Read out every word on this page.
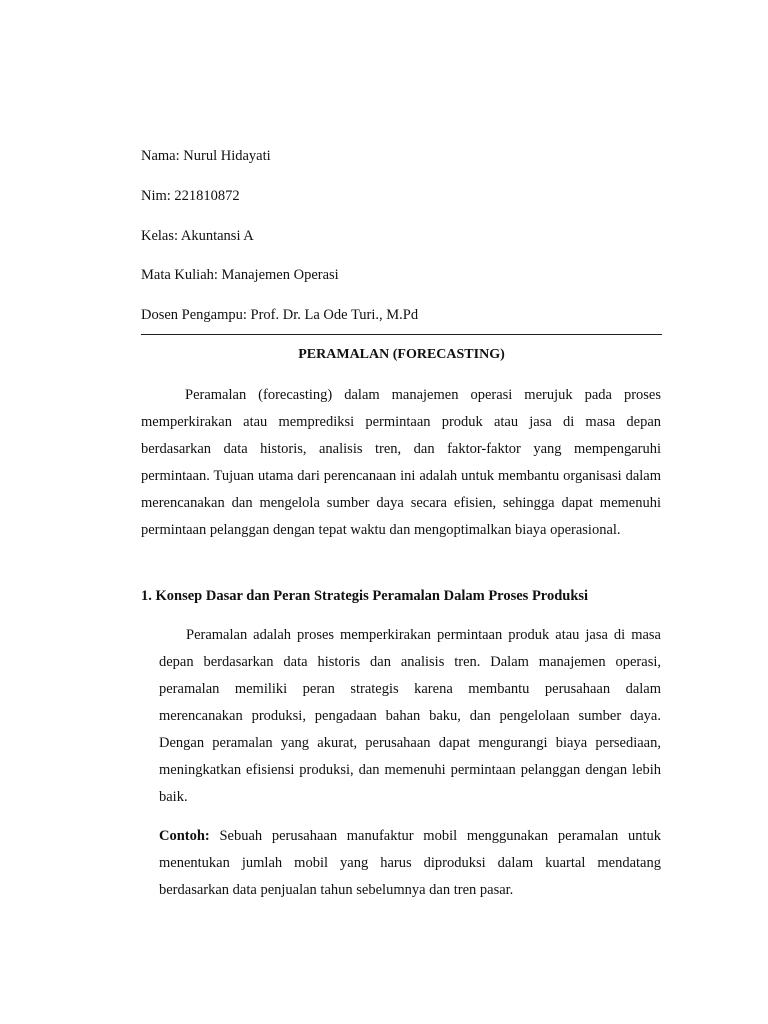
Nama: Nurul Hidayati
Nim: 221810872
Kelas: Akuntansi A
Mata Kuliah: Manajemen Operasi
Dosen Pengampu: Prof. Dr. La Ode Turi., M.Pd
PERAMALAN (FORECASTING)

Peramalan (forecasting) dalam manajemen operasi merujuk pada proses memperkirakan atau memprediksi permintaan produk atau jasa di masa depan berdasarkan data historis, analisis tren, dan faktor-faktor yang mempengaruhi permintaan. Tujuan utama dari perencanaan ini adalah untuk membantu organisasi dalam merencanakan dan mengelola sumber daya secara efisien, sehingga dapat memenuhi permintaan pelanggan dengan tepat waktu dan mengoptimalkan biaya operasional.

1. Konsep Dasar dan Peran Strategis Peramalan Dalam Proses Produksi

Peramalan adalah proses memperkirakan permintaan produk atau jasa di masa depan berdasarkan data historis dan analisis tren. Dalam manajemen operasi, peramalan memiliki peran strategis karena membantu perusahaan dalam merencanakan produksi, pengadaan bahan baku, dan pengelolaan sumber daya. Dengan peramalan yang akurat, perusahaan dapat mengurangi biaya persediaan, meningkatkan efisiensi produksi, dan memenuhi permintaan pelanggan dengan lebih baik.

Contoh: Sebuah perusahaan manufaktur mobil menggunakan peramalan untuk menentukan jumlah mobil yang harus diproduksi dalam kuartal mendatang berdasarkan data penjualan tahun sebelumnya dan tren pasar.
